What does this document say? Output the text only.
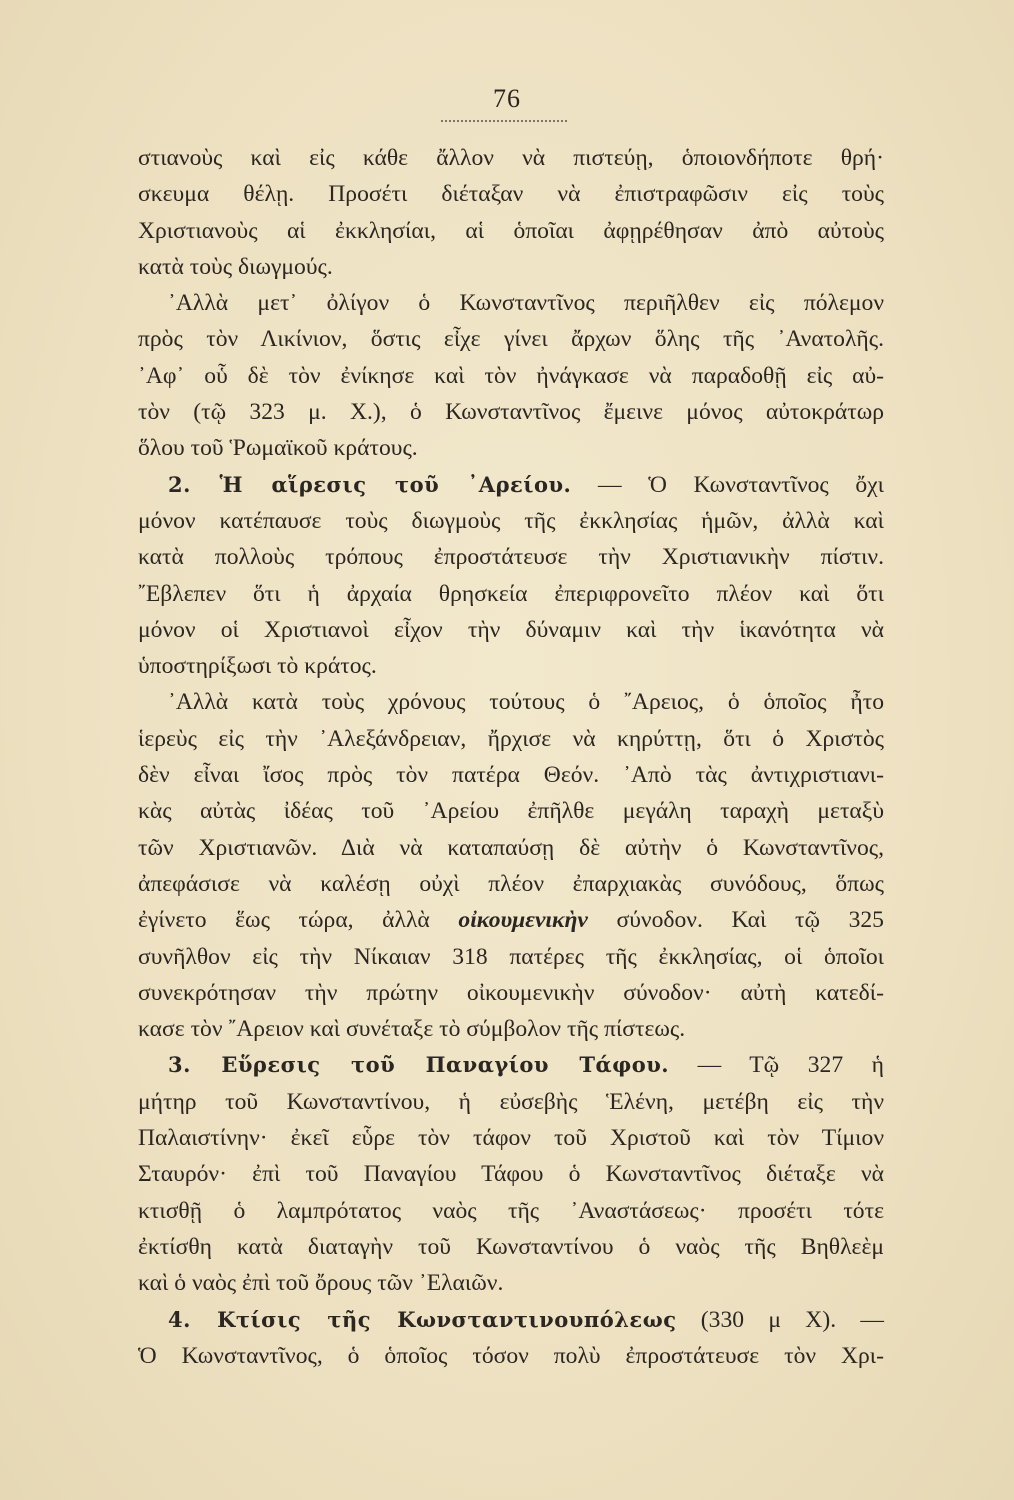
76
στιανοὺς καὶ εἰς κάθε ἄλλον νὰ πιστεύῃ, ὁποιονδήποτε θρή·
σκευμα θέλῃ. Προσέτι διέταξαν νὰ ἐπιστραφῶσιν εἰς τοὺς
Χριστιανοὺς αἱ ἐκκλησίαι, αἱ ὁποῖαι ἀφῃρέθησαν ἀπὸ αὐτοὺς
κατὰ τοὺς διωγμούς.
᾿Αλλὰ μετ᾿ ὀλίγον ὁ Κωνσταντῖνος περιῆλθεν εἰς πόλεμον
πρὸς τὸν Λικίνιον, ὅστις εἶχε γίνει ἄρχων ὅλης τῆς ᾿Ανατολῆς.
᾿Αφ᾿ οὗ δὲ τὸν ἐνίκησε καὶ τὸν ἠνάγκασε νὰ παραδοθῇ εἰς αὐ-
τὸν (τῷ 323 μ. Χ.), ὁ Κωνσταντῖνος ἔμεινε μόνος αὐτοκράτωρ
ὅλου τοῦ Ῥωμαϊκοῦ κράτους.
2. Ἡ αἵρεσις τοῦ ᾿Αρείου. — Ὁ Κωνσταντῖνος ὄχι
μόνον κατέπαυσε τοὺς διωγμοὺς τῆς ἐκκλησίας ἡμῶν, ἀλλὰ καὶ
κατὰ πολλοὺς τρόπους ἐπροστάτευσε τὴν Χριστιανικὴν πίστιν.
῎Εβλεπεν ὅτι ἡ ἀρχαία θρησκεία ἐπεριφρονεῖτο πλέον καὶ ὅτι
μόνον οἱ Χριστιανοὶ εἶχον τὴν δύναμιν καὶ τὴν ἱκανότητα νὰ
ὑποστηρίξωσι τὸ κράτος.
᾿Αλλὰ κατὰ τοὺς χρόνους τούτους ὁ ῎Αρειος, ὁ ὁποῖος ἦτο
ἱερεὺς εἰς τὴν ᾿Αλεξάνδρειαν, ἤρχισε νὰ κηρύττῃ, ὅτι ὁ Χριστὸς
δὲν εἶναι ἴσος πρὸς τὸν πατέρα Θεόν. ᾿Απὸ τὰς ἀντιχριστιανι-
κὰς αὐτὰς ἰδέας τοῦ ᾿Αρείου ἐπῆλθε μεγάλη ταραχὴ μεταξὺ
τῶν Χριστιανῶν. Διὰ νὰ καταπαύσῃ δὲ αὐτὴν ὁ Κωνσταντῖνος,
ἀπεφάσισε νὰ καλέσῃ οὐχὶ πλέον ἐπαρχιακὰς συνόδους, ὅπως
ἐγίνετο ἕως τώρα, ἀλλὰ οἰκουμενικὴν σύνοδον. Καὶ τῷ 325
συνῆλθον εἰς τὴν Νίκαιαν 318 πατέρες τῆς ἐκκλησίας, οἱ ὁποῖοι
συνεκρότησαν τὴν πρώτην οἰκουμενικὴν σύνοδον· αὐτὴ κατεδί-
κασε τὸν ῎Αρειον καὶ συνέταξε τὸ σύμβολον τῆς πίστεως.
3. Εὕρεσις τοῦ Παναγίου Τάφου. — Τῷ 327 ἡ
μήτηρ τοῦ Κωνσταντίνου, ἡ εὐσεβὴς Ἑλένη, μετέβη εἰς τὴν
Παλαιστίνην· ἐκεῖ εὗρε τὸν τάφον τοῦ Χριστοῦ καὶ τὸν Τίμιον
Σταυρόν· ἐπὶ τοῦ Παναγίου Τάφου ὁ Κωνσταντῖνος διέταξε νὰ
κτισθῇ ὁ λαμπρότατος ναὸς τῆς ᾿Αναστάσεως· προσέτι τότε
ἐκτίσθη κατὰ διαταγὴν τοῦ Κωνσταντίνου ὁ ναὸς τῆς Βηθλεὲμ
καὶ ὁ ναὸς ἐπὶ τοῦ ὄρους τῶν ᾿Ελαιῶν.
4. Κτίσις τῆς Κωνσταντινουπόλεως (330 μ Χ). —
Ὁ Κωνσταντῖνος, ὁ ὁποῖος τόσον πολὺ ἐπροστάτευσε τὸν Χρι-
